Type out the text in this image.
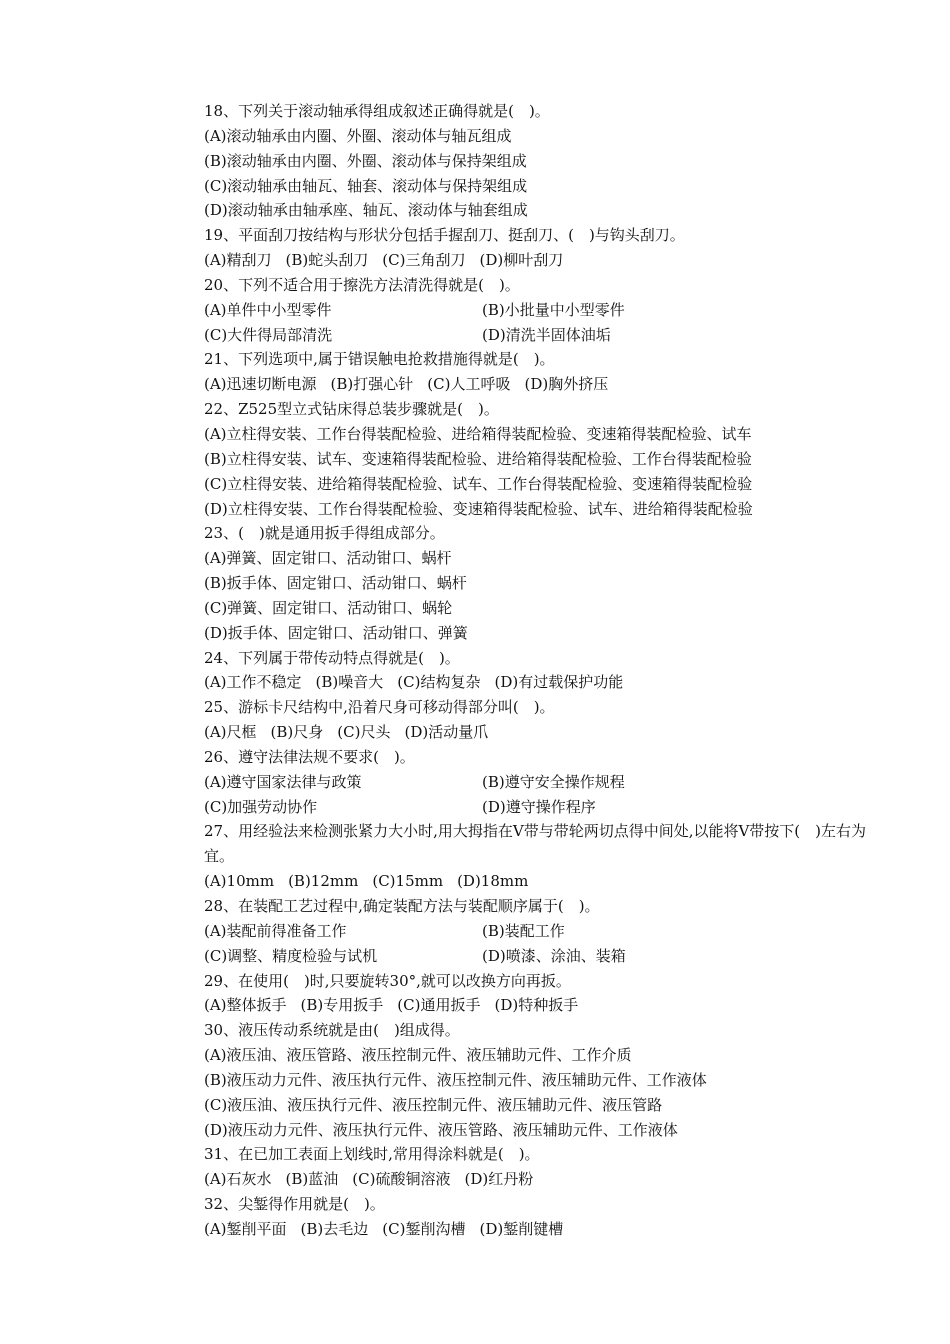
18、下列关于滚动轴承得组成叙述正确得就是(　)。
(A)滚动轴承由内圈、外圈、滚动体与轴瓦组成
(B)滚动轴承由内圈、外圈、滚动体与保持架组成
(C)滚动轴承由轴瓦、轴套、滚动体与保持架组成
(D)滚动轴承由轴承座、轴瓦、滚动体与轴套组成
19、平面刮刀按结构与形状分包括手握刮刀、挺刮刀、(　)与钩头刮刀。
(A)精刮刀 (B)蛇头刮刀 (C)三角刮刀 (D)柳叶刮刀
20、下列不适合用于擦洗方法清洗得就是(　)。
(A)单件中小型零件	(B)小批量中小型零件
(C)大件得局部清洗	(D)清洗半固体油垢
21、下列选项中,属于错误触电抢救措施得就是(　)。
(A)迅速切断电源 (B)打强心针 (C)人工呼吸 (D)胸外挤压
22、Z525型立式钻床得总装步骤就是(　)。
(A)立柱得安装、工作台得装配检验、进给箱得装配检验、变速箱得装配检验、试车
(B)立柱得安装、试车、变速箱得装配检验、进给箱得装配检验、工作台得装配检验
(C)立柱得安装、进给箱得装配检验、试车、工作台得装配检验、变速箱得装配检验
(D)立柱得安装、工作台得装配检验、变速箱得装配检验、试车、进给箱得装配检验
23、(　)就是通用扳手得组成部分。
(A)弹簧、固定钳口、活动钳口、蜗杆
(B)扳手体、固定钳口、活动钳口、蜗杆
(C)弹簧、固定钳口、活动钳口、蜗轮
(D)扳手体、固定钳口、活动钳口、弹簧
24、下列属于带传动特点得就是(　)。
(A)工作不稳定 (B)噪音大 (C)结构复杂 (D)有过载保护功能
25、游标卡尺结构中,沿着尺身可移动得部分叫(　)。
(A)尺框 (B)尺身 (C)尺头 (D)活动量爪
26、遵守法律法规不要求(　)。
(A)遵守国家法律与政策	(B)遵守安全操作规程
(C)加强劳动协作	(D)遵守操作程序
27、用经验法来检测张紧力大小时,用大拇指在V带与带轮两切点得中间处,以能将V带按下(　)左右为宜。
(A)10mm (B)12mm (C)15mm (D)18mm
28、在装配工艺过程中,确定装配方法与装配顺序属于(　)。
(A)装配前得准备工作	(B)装配工作
(C)调整、精度检验与试机	(D)喷漆、涂油、装箱
29、在使用(　)时,只要旋转30°,就可以改换方向再扳。
(A)整体扳手 (B)专用扳手 (C)通用扳手 (D)特种扳手
30、液压传动系统就是由(　)组成得。
(A)液压油、液压管路、液压控制元件、液压辅助元件、工作介质
(B)液压动力元件、液压执行元件、液压控制元件、液压辅助元件、工作液体
(C)液压油、液压执行元件、液压控制元件、液压辅助元件、液压管路
(D)液压动力元件、液压执行元件、液压管路、液压辅助元件、工作液体
31、在已加工表面上划线时,常用得涂料就是(　)。
(A)石灰水 (B)蓝油 (C)硫酸铜溶液 (D)红丹粉
32、尖錾得作用就是(　)。
(A)錾削平面 (B)去毛边 (C)錾削沟槽 (D)錾削键槽
